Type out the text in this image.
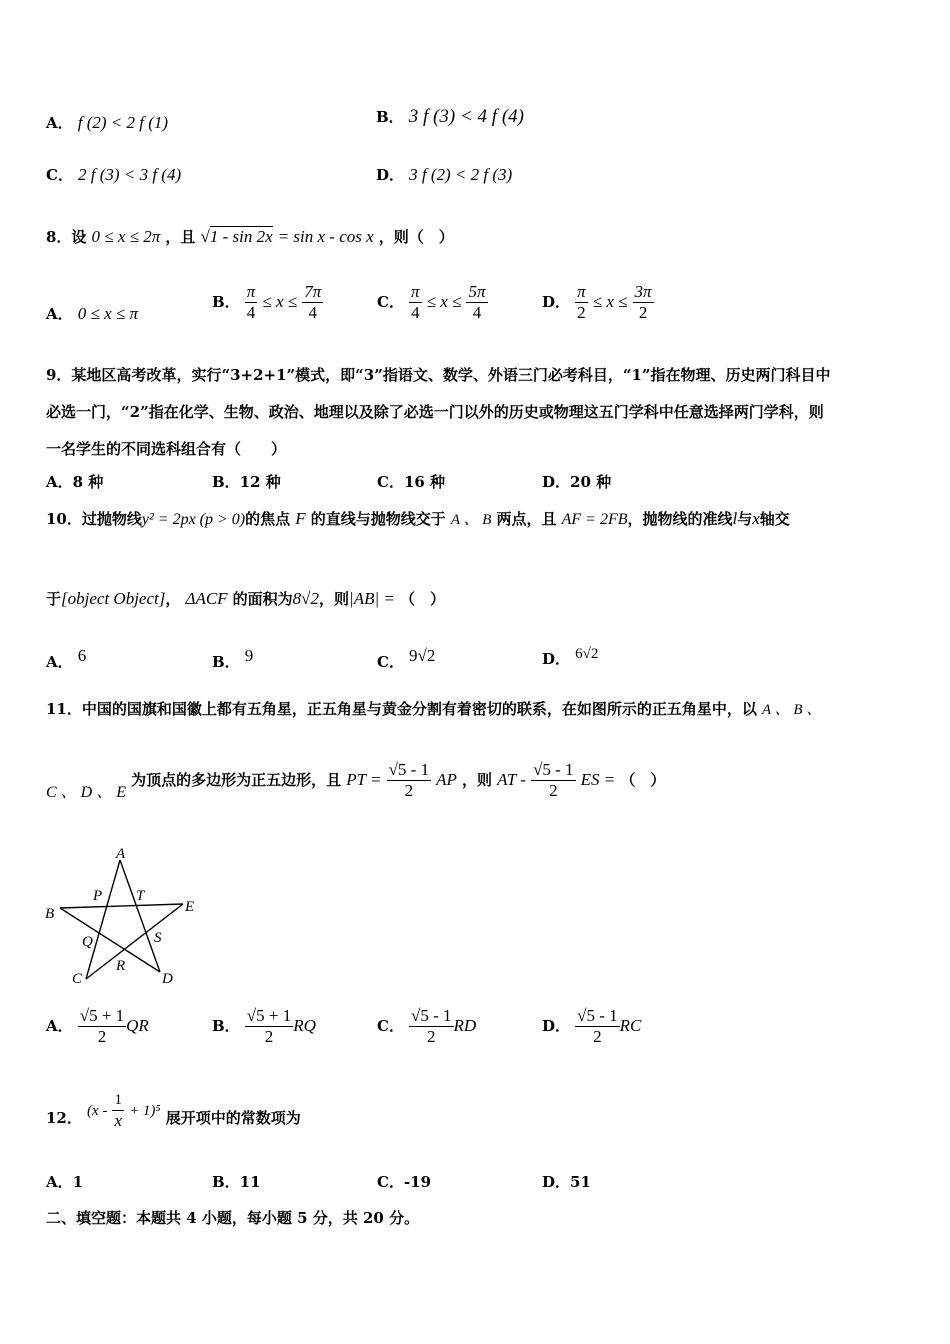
A． f (2) < 2 f (1)	B． 3 f (3) < 4 f (4)
C． 2 f (3) < 3 f (4)	D． 3 f (2) < 2 f (3)
8．设 0 ≤ x ≤ 2π ，且 √1 - sin 2x = sin x - cos x ，则（　）
A． 0 ≤ x ≤ π
B． $\frac{\pi}{4} \le x \le \frac{7\pi}{4}$	C． $\frac{\pi}{4} \le x \le \frac{5\pi}{4}$	D． $\frac{\pi}{2} \le x \le \frac{3\pi}{2}$
9．某地区高考改革，实行“3+2+1”模式，即“3”指语文、数学、外语三门必考科目，“1”指在物理、历史两门科目中
必选一门，“2”指在化学、生物、政治、地理以及除了必选一门以外的历史或物理这五门学科中任意选择两门学科，则
一名学生的不同选科组合有（　　）
A．8 种	B．12 种	C．16 种	D．20 种
10．过抛物线y² = 2px (p > 0)的焦点 F 的直线与抛物线交于 A 、 B 两点，且 AF = 2FB，抛物线的准线l与x轴交
于[object Object]， ΔACF 的面积为8√2，则|AB| = （　）
A． 6	B． 9	C． 9√2	D． 6√2
11．中国的国旗和国徽上都有五角星，正五角星与黄金分割有着密切的联系，在如图所示的正五角星中，以 A 、 B 、
C 、 D 、 E 为顶点的多边形为正五边形，且 PT = $\frac{√5 - 1}{2}$ AP ，则 AT - $\frac{√5 - 1}{2}$ ES = （　）
A
B
C	D
E
P T
Q	S
R
A． $\frac{√5 + 1}{2}$ QR	B． $\frac{√5 + 1}{2}$ RQ	C． $\frac{√5 - 1}{2}$ RD	D． $\frac{√5 - 1}{2}$ RC
12． $(x - \frac{1}{x} + 1)^5$ 展开项中的常数项为
A．1	B．11	C．-19	D．51
二、填空题：本题共 4 小题，每小题 5 分，共 20 分。
